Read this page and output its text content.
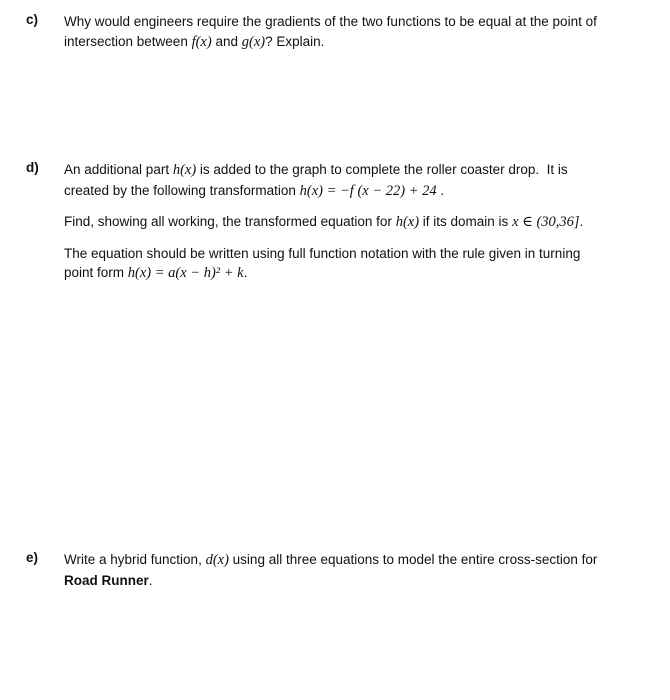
c) Why would engineers require the gradients of the two functions to be equal at the point of
intersection between f(x) and g(x)? Explain.

d) An additional part h(x) is added to the graph to complete the roller coaster drop.  It is
created by the following transformation h(x) = −f (x − 22) + 24 .

Find, showing all working, the transformed equation for h(x) if its domain is x ∈ (30,36].

The equation should be written using full function notation with the rule given in turning
point form h(x) = a(x − h)² + k.

e) Write a hybrid function, d(x) using all three equations to model the entire cross-section for
Road Runner.
